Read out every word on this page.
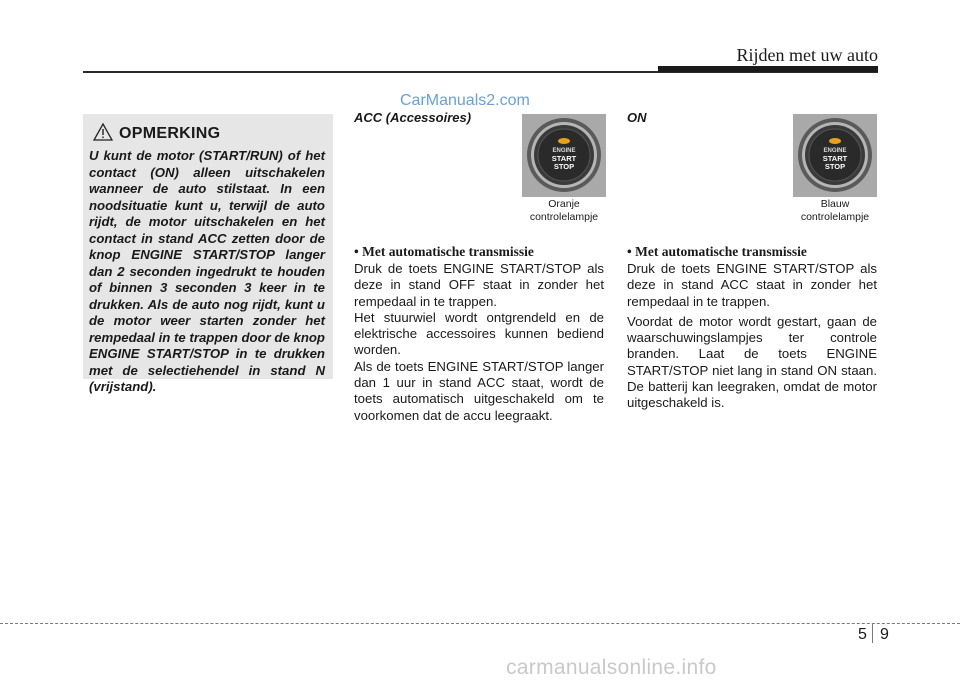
Rijden met uw auto
CarManuals2.com
OPMERKING
U kunt de motor (START/RUN) of het contact (ON) alleen uitschakelen wanneer de auto stilstaat. In een noodsituatie kunt u, terwijl de auto rijdt, de motor uitschakelen en het contact in stand ACC zetten door de knop ENGINE START/STOP langer dan 2 seconden ingedrukt te houden of binnen 3 seconden 3 keer in te drukken. Als de auto nog rijdt, kunt u de motor weer starten zonder het rempedaal in te trappen door de knop ENGINE START/STOP in te drukken met de selectiehendel in stand N (vrijstand).
ACC (Accessoires)
ENGINE
START
STOP
Oranje
controlelampje
• Met automatische transmissie

Druk de toets ENGINE START/STOP als deze in stand OFF staat in zonder het rempedaal in te trappen.

Het stuurwiel wordt ontgrendeld en de elektrische accessoires kunnen bediend worden.

Als de toets ENGINE START/STOP langer dan 1 uur in stand ACC staat, wordt de toets automatisch uitgeschakeld om te voorkomen dat de accu leegraakt.

ON
ENGINE
START
STOP
Blauw
controlelampje
• Met automatische transmissie

Druk de toets ENGINE START/STOP als deze in stand ACC staat in zonder het rempedaal in te trappen.

Voordat de motor wordt gestart, gaan de waarschuwingslampjes ter controle branden. Laat de toets ENGINE START/STOP niet lang in stand ON staan. De batterij kan leegraken, omdat de motor uitgeschakeld is.

5 9
carmanualsonline.info
